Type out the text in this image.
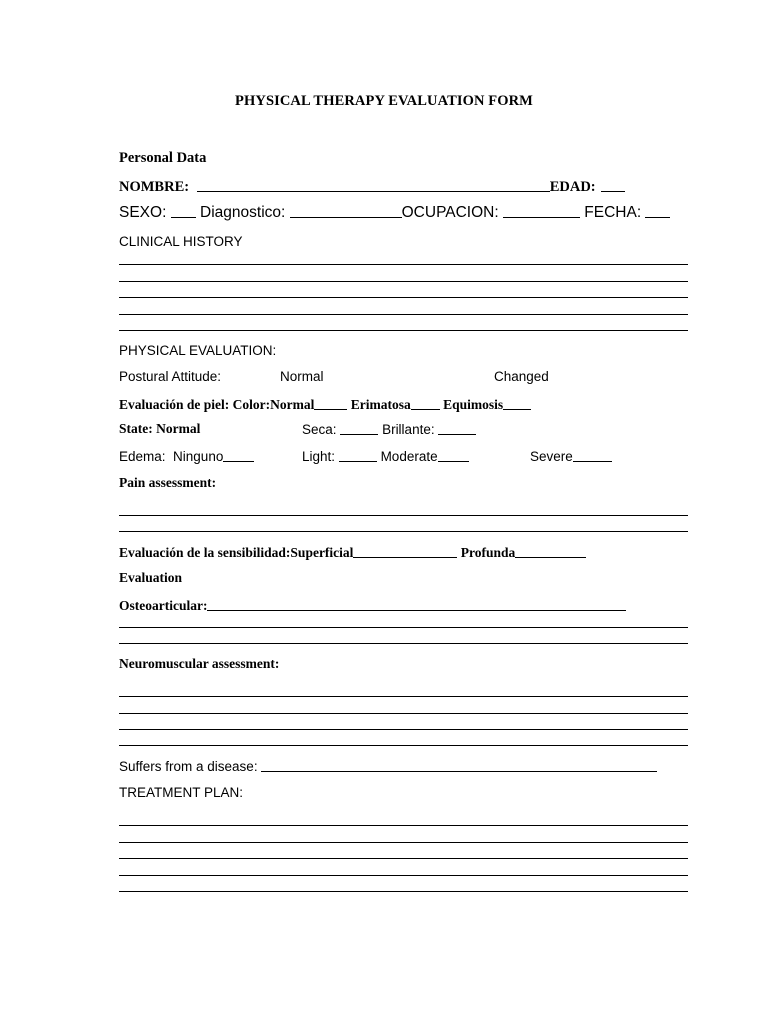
PHYSICAL THERAPY EVALUATION FORM
Personal Data
NOMBRE:	EDAD:
SEXO: Diagnostico:	OCUPACION:	FECHA:
CLINICAL HISTORY
PHYSICAL EVALUATION:
Postural Attitude:	Normal	Changed
Evaluación de piel: Color:Normal	Erimatosa Equimosis
State: Normal	Seca:	Brillante:
Edema: Ninguno	Light:	Moderate	Severe
Pain assessment:
Evaluación de la sensibilidad:Superficial	Profunda
Evaluation
Osteoarticular:
Neuromuscular assessment:
Suffers from a disease:
TREATMENT PLAN:
